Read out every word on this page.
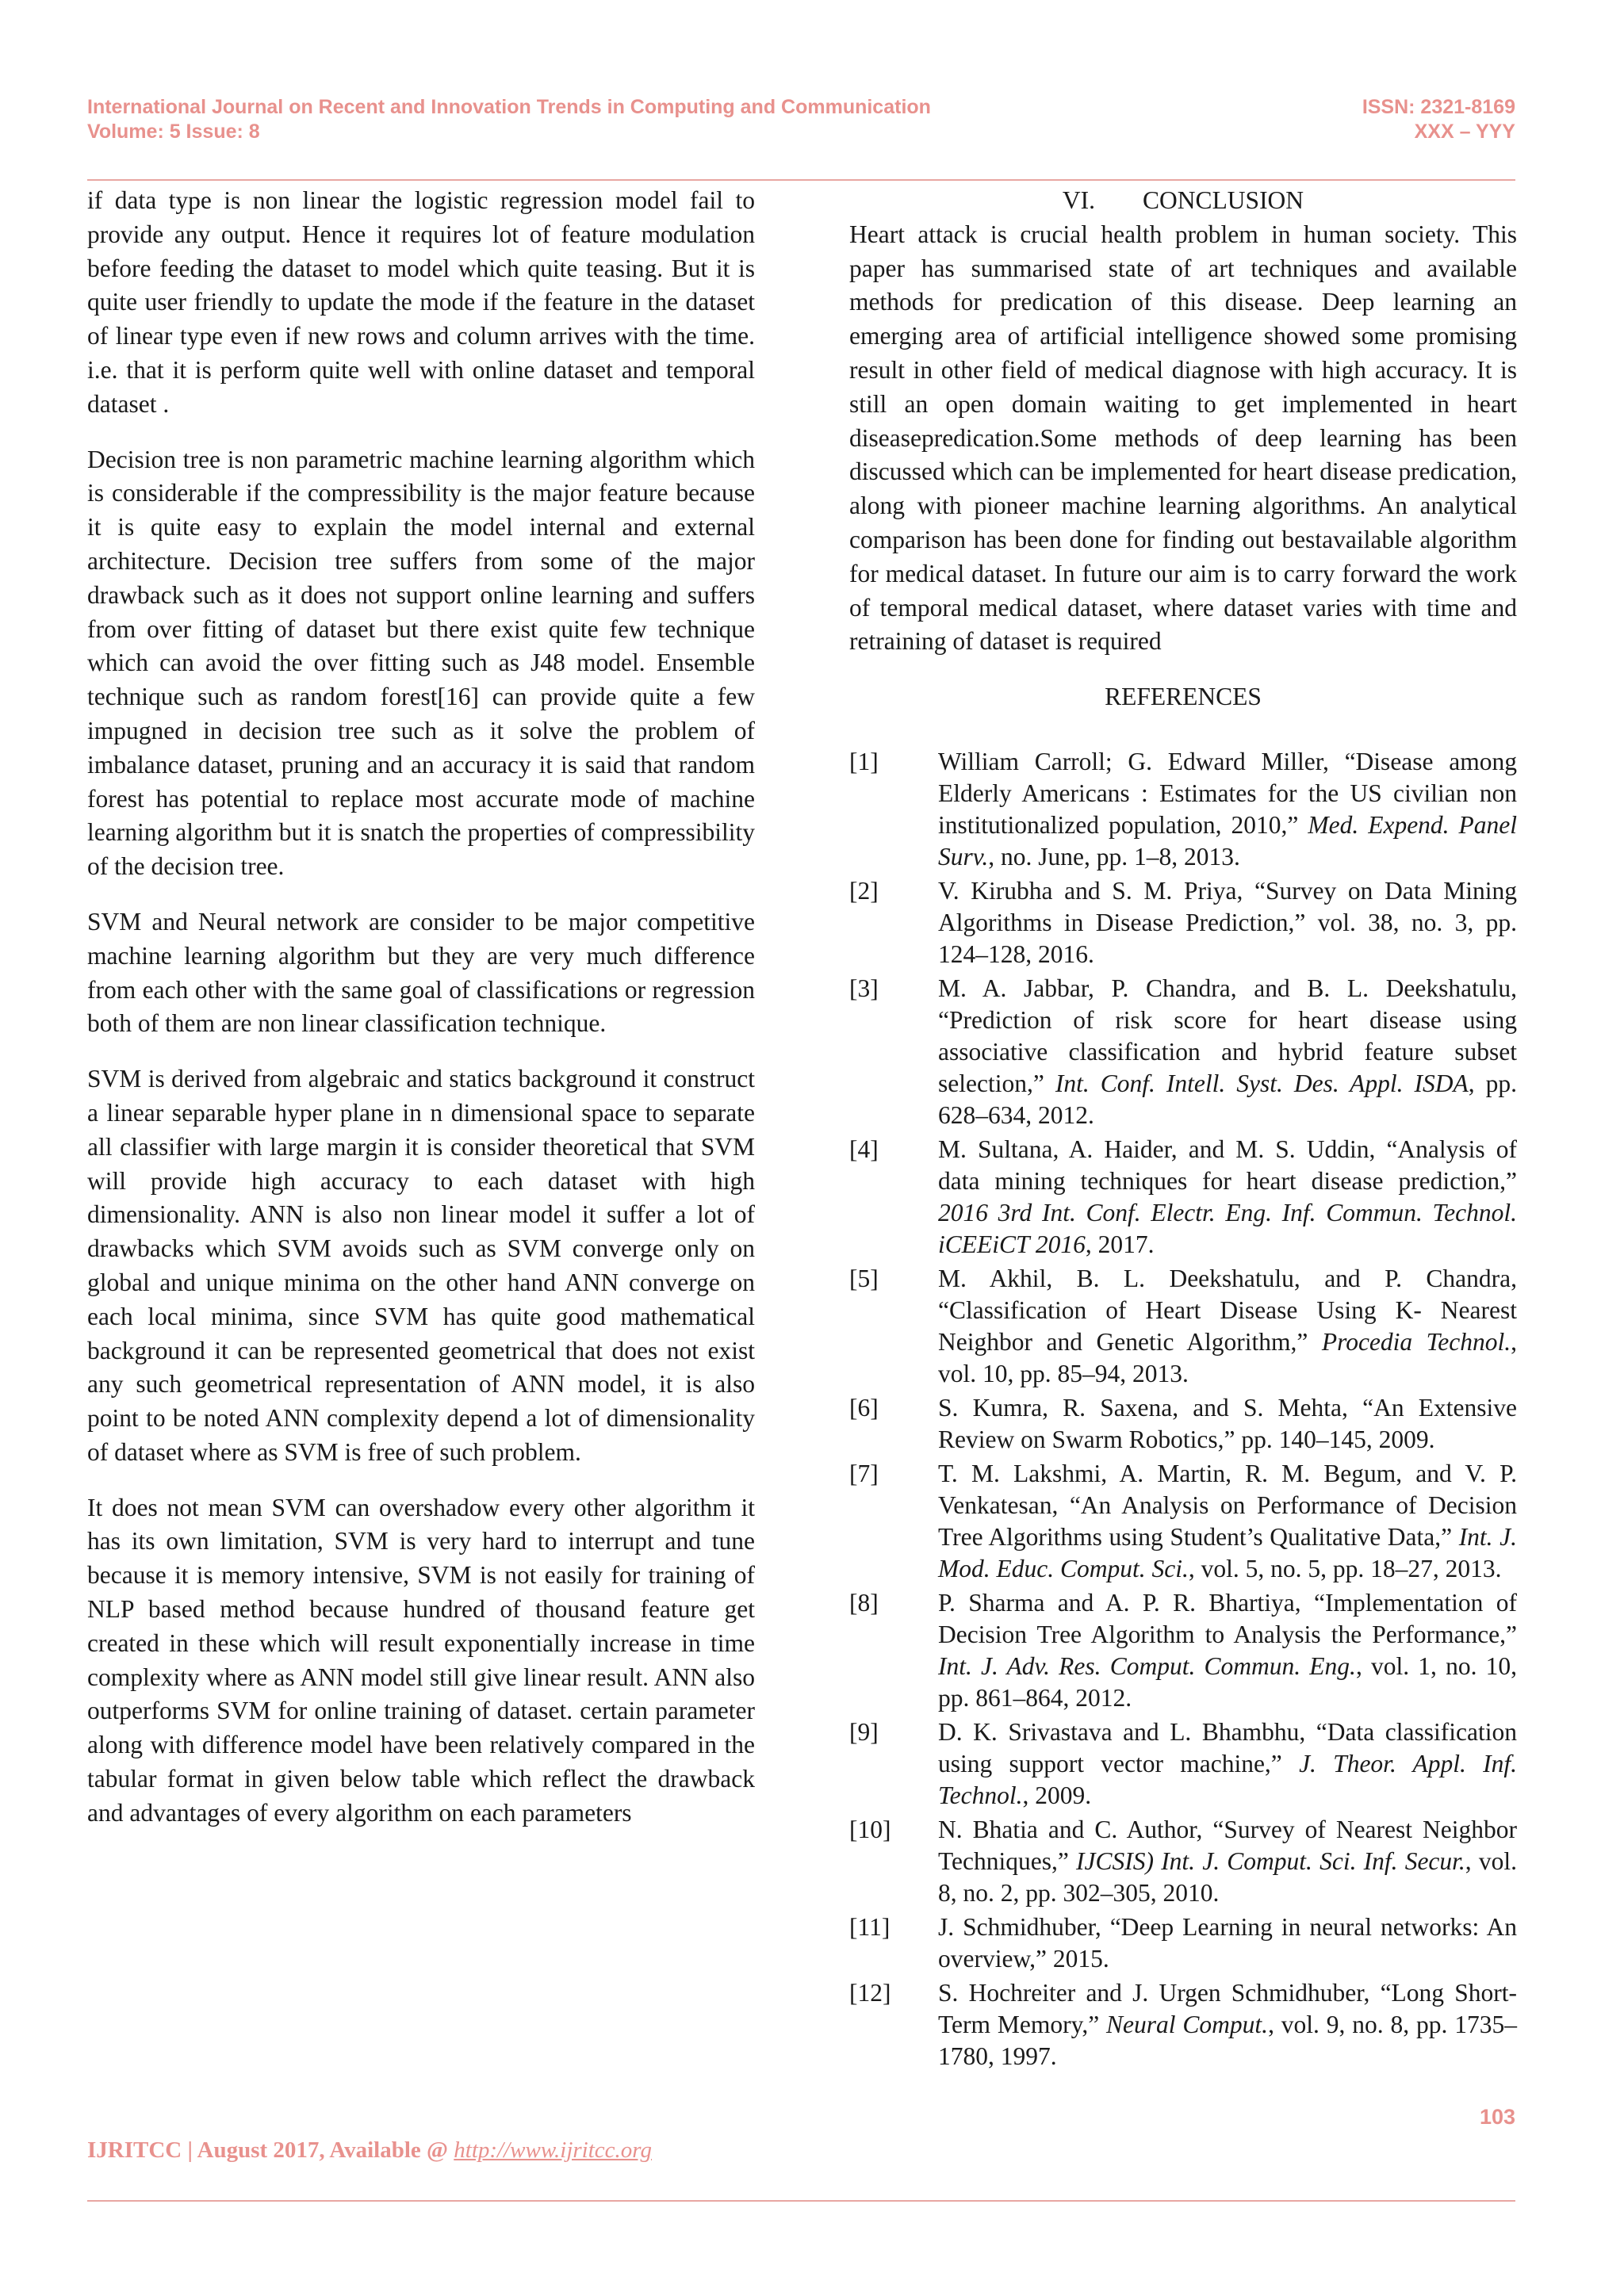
International Journal on Recent and Innovation Trends in Computing and Communication
Volume: 5 Issue: 8
ISSN: 2321-8169
XXX – YYY

if data type is non linear the logistic regression model fail to provide any output. Hence it requires lot of feature modulation before feeding the dataset to model which quite teasing. But it is quite user friendly to update the mode if the feature in the dataset of linear type even if new rows and column arrives with the time. i.e. that it is perform quite well with online dataset and temporal dataset .

Decision tree is non parametric machine learning algorithm which is considerable if the compressibility is the major feature because it is quite easy to explain the model internal and external architecture. Decision tree suffers from some of the major drawback such as it does not support online learning and suffers from over fitting of dataset but there exist quite few technique which can avoid the over fitting such as J48 model. Ensemble technique such as random forest[16] can provide quite a few impugned in decision tree such as it solve the problem of imbalance dataset, pruning and an accuracy it is said that random forest has potential to replace most accurate mode of machine learning algorithm but it is snatch the properties of compressibility of the decision tree.

SVM and Neural network are consider to be major competitive machine learning algorithm but they are very much difference from each other with the same goal of classifications or regression both of them are non linear classification technique.

SVM is derived from algebraic and statics background it construct a linear separable hyper plane in n dimensional space to separate all classifier with large margin it is consider theoretical that SVM will provide high accuracy to each dataset with high dimensionality. ANN is also non linear model it suffer a lot of drawbacks which SVM avoids such as SVM converge only on global and unique minima on the other hand ANN converge on each local minima, since SVM has quite good mathematical background it can be represented geometrical that does not exist any such geometrical representation of ANN model, it is also point to be noted ANN complexity depend a lot of dimensionality of dataset where as SVM is free of such problem.

It does not mean SVM can overshadow every other algorithm it has its own limitation, SVM is very hard to interrupt and tune because it is memory intensive, SVM is not easily for training of NLP based method because hundred of thousand feature get created in these which will result exponentially increase in time complexity where as ANN model still give linear result. ANN also outperforms SVM for online training of dataset. certain parameter along with difference model have been relatively compared in the tabular format in given below table which reflect the drawback and advantages of every algorithm on each parameters

VI. CONCLUSION

Heart attack is crucial health problem in human society. This paper has summarised state of art techniques and available methods for predication of this disease. Deep learning an emerging area of artificial intelligence showed some promising result in other field of medical diagnose with high accuracy. It is still an open domain waiting to get implemented in heart diseasepredication.Some methods of deep learning has been discussed which can be implemented for heart disease predication, along with pioneer machine learning algorithms. An analytical comparison has been done for finding out bestavailable algorithm for medical dataset. In future our aim is to carry forward the work of temporal medical dataset, where dataset varies with time and retraining of dataset is required

REFERENCES
[1]	William Carroll; G. Edward Miller, “Disease among Elderly Americans : Estimates for the US civilian non institutionalized population, 2010,” Med. Expend. Panel Surv., no. June, pp. 1–8, 2013.
[2]	V. Kirubha and S. M. Priya, “Survey on Data Mining Algorithms in Disease Prediction,” vol. 38, no. 3, pp. 124–128, 2016.
[3]	M. A. Jabbar, P. Chandra, and B. L. Deekshatulu, “Prediction of risk score for heart disease using associative classification and hybrid feature subset selection,” Int. Conf. Intell. Syst. Des. Appl. ISDA, pp. 628–634, 2012.
[4]	M. Sultana, A. Haider, and M. S. Uddin, “Analysis of data mining techniques for heart disease prediction,” 2016 3rd Int. Conf. Electr. Eng. Inf. Commun. Technol. iCEEiCT 2016, 2017.
[5]	M. Akhil, B. L. Deekshatulu, and P. Chandra, “Classification of Heart Disease Using K- Nearest Neighbor and Genetic Algorithm,” Procedia Technol., vol. 10, pp. 85–94, 2013.
[6]	S. Kumra, R. Saxena, and S. Mehta, “An Extensive Review on Swarm Robotics,” pp. 140–145, 2009.
[7]	T. M. Lakshmi, A. Martin, R. M. Begum, and V. P. Venkatesan, “An Analysis on Performance of Decision Tree Algorithms using Student’s Qualitative Data,” Int. J. Mod. Educ. Comput. Sci., vol. 5, no. 5, pp. 18–27, 2013.
[8]	P. Sharma and A. P. R. Bhartiya, “Implementation of Decision Tree Algorithm to Analysis the Performance,” Int. J. Adv. Res. Comput. Commun. Eng., vol. 1, no. 10, pp. 861–864, 2012.
[9]	D. K. Srivastava and L. Bhambhu, “Data classification using support vector machine,” J. Theor. Appl. Inf. Technol., 2009.
[10]	N. Bhatia and C. Author, “Survey of Nearest Neighbor Techniques,” IJCSIS) Int. J. Comput. Sci. Inf. Secur., vol. 8, no. 2, pp. 302–305, 2010.
[11]	J. Schmidhuber, “Deep Learning in neural networks: An overview,” 2015.
[12]	S. Hochreiter and J. Urgen Schmidhuber, “Long Short-Term Memory,” Neural Comput., vol. 9, no. 8, pp. 1735–1780, 1997.
103
IJRITCC | August 2017, Available @ http://www.ijritcc.org
